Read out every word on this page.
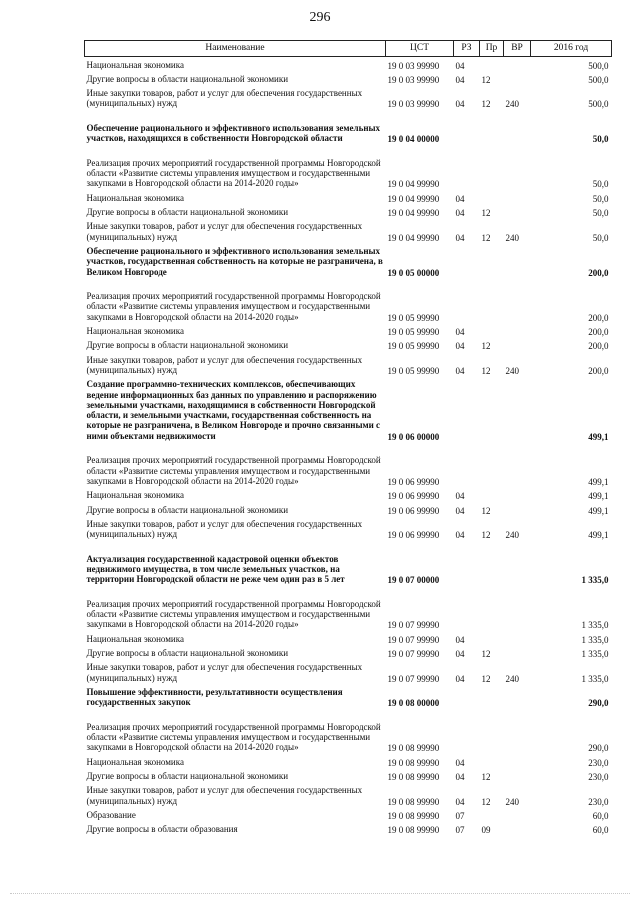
296
Наименование	ЦСТ	РЗ	Пр	ВР	2016 год
Национальная экономика	19 0 03 99990	04			500,0
Другие вопросы в области национальной экономики	19 0 03 99990	04	12		500,0
Иные закупки товаров, работ и услуг для обеспечения государственных (муниципальных) нужд	19 0 03 99990	04	12	240	500,0
Обеспечение рационального и эффективного использования земельных участков, находящихся в собственности Новгородской области	19 0 04 00000				50,0
Реализация прочих мероприятий государственной программы Новгородской области «Развитие системы управления имуществом и государственными закупками в Новгородской области на 2014-2020 годы»	19 0 04 99990				50,0
Национальная экономика	19 0 04 99990	04			50,0
Другие вопросы в области национальной экономики	19 0 04 99990	04	12		50,0
Иные закупки товаров, работ и услуг для обеспечения государственных (муниципальных) нужд	19 0 04 99990	04	12	240	50,0
Обеспечение рационального и эффективного использования земельных участков, государственная собственность на которые не разграничена, в Великом Новгороде	19 0 05 00000				200,0
Реализация прочих мероприятий государственной программы Новгородской области «Развитие системы управления имуществом и государственными закупками в Новгородской области на 2014-2020 годы»	19 0 05 99990				200,0
Национальная экономика	19 0 05 99990	04			200,0
Другие вопросы в области национальной экономики	19 0 05 99990	04	12		200,0
Иные закупки товаров, работ и услуг для обеспечения государственных (муниципальных) нужд	19 0 05 99990	04	12	240	200,0
Создание программно-технических комплексов, обеспечивающих ведение информационных баз данных по управлению и распоряжению земельными участками, находящимися в собственности Новгородской области, и земельными участками, государственная собственность на которые не разграничена, в Великом Новгороде и прочно связанными с ними объектами недвижимости	19 0 06 00000				499,1
Реализация прочих мероприятий государственной программы Новгородской области «Развитие системы управления имуществом и государственными закупками в Новгородской области на 2014-2020 годы»	19 0 06 99990				499,1
Национальная экономика	19 0 06 99990	04			499,1
Другие вопросы в области национальной экономики	19 0 06 99990	04	12		499,1
Иные закупки товаров, работ и услуг для обеспечения государственных (муниципальных) нужд	19 0 06 99990	04	12	240	499,1
Актуализация государственной кадастровой оценки объектов недвижимого имущества, в том числе земельных участков, на территории Новгородской области не реже чем один раз в 5 лет	19 0 07 00000				1 335,0
Реализация прочих мероприятий государственной программы Новгородской области «Развитие системы управления имуществом и государственными закупками в Новгородской области на 2014-2020 годы»	19 0 07 99990				1 335,0
Национальная экономика	19 0 07 99990	04			1 335,0
Другие вопросы в области национальной экономики	19 0 07 99990	04	12		1 335,0
Иные закупки товаров, работ и услуг для обеспечения государственных (муниципальных) нужд	19 0 07 99990	04	12	240	1 335,0
Повышение эффективности, результативности осуществления государственных закупок	19 0 08 00000				290,0
Реализация прочих мероприятий государственной программы Новгородской области «Развитие системы управления имуществом и государственными закупками в Новгородской области на 2014-2020 годы»	19 0 08 99990				290,0
Национальная экономика	19 0 08 99990	04			230,0
Другие вопросы в области национальной экономики	19 0 08 99990	04	12		230,0
Иные закупки товаров, работ и услуг для обеспечения государственных (муниципальных) нужд	19 0 08 99990	04	12	240	230,0
Образование	19 0 08 99990	07			60,0
Другие вопросы в области образования	19 0 08 99990	07	09		60,0
